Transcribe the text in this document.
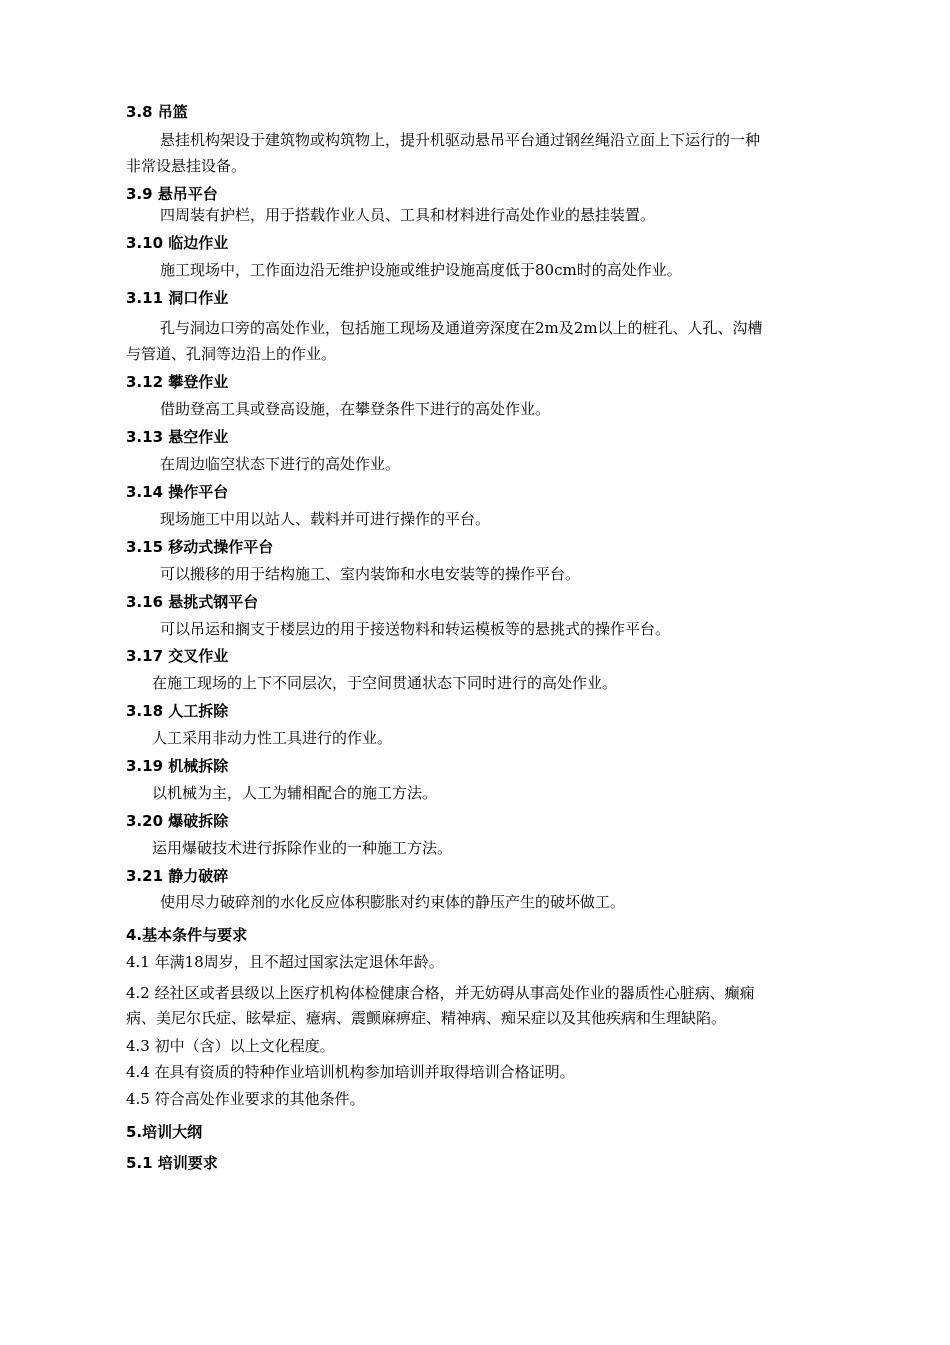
3.8 吊篮
悬挂机构架设于建筑物或构筑物上，提升机驱动悬吊平台通过钢丝绳沿立面上下运行的一种
非常设悬挂设备。
3.9 悬吊平台
四周装有护栏，用于搭载作业人员、工具和材料进行高处作业的悬挂装置。
3.10 临边作业
施工现场中，工作面边沿无维护设施或维护设施高度低于80cm时的高处作业。
3.11 洞口作业
孔与洞边口旁的高处作业，包括施工现场及通道旁深度在2m及2m以上的桩孔、人孔、沟槽
与管道、孔洞等边沿上的作业。
3.12 攀登作业
借助登高工具或登高设施，在攀登条件下进行的高处作业。
3.13 悬空作业
在周边临空状态下进行的高处作业。
3.14 操作平台
现场施工中用以站人、载料并可进行操作的平台。
3.15 移动式操作平台
可以搬移的用于结构施工、室内装饰和水电安装等的操作平台。
3.16 悬挑式钢平台
可以吊运和搁支于楼层边的用于接送物料和转运模板等的悬挑式的操作平台。
3.17 交叉作业
在施工现场的上下不同层次，于空间贯通状态下同时进行的高处作业。
3.18 人工拆除
人工采用非动力性工具进行的作业。
3.19 机械拆除
以机械为主，人工为辅相配合的施工方法。
3.20 爆破拆除
运用爆破技术进行拆除作业的一种施工方法。
3.21 静力破碎
使用尽力破碎剂的水化反应体积膨胀对约束体的静压产生的破坏做工。
4.基本条件与要求
4.1 年满18周岁，且不超过国家法定退休年龄。
4.2 经社区或者县级以上医疗机构体检健康合格，并无妨碍从事高处作业的器质性心脏病、癫痫
病、美尼尔氏症、眩晕症、癔病、震颤麻痹症、精神病、痴呆症以及其他疾病和生理缺陷。
4.3 初中（含）以上文化程度。
4.4 在具有资质的特种作业培训机构参加培训并取得培训合格证明。
4.5 符合高处作业要求的其他条件。
5.培训大纲
5.1 培训要求
